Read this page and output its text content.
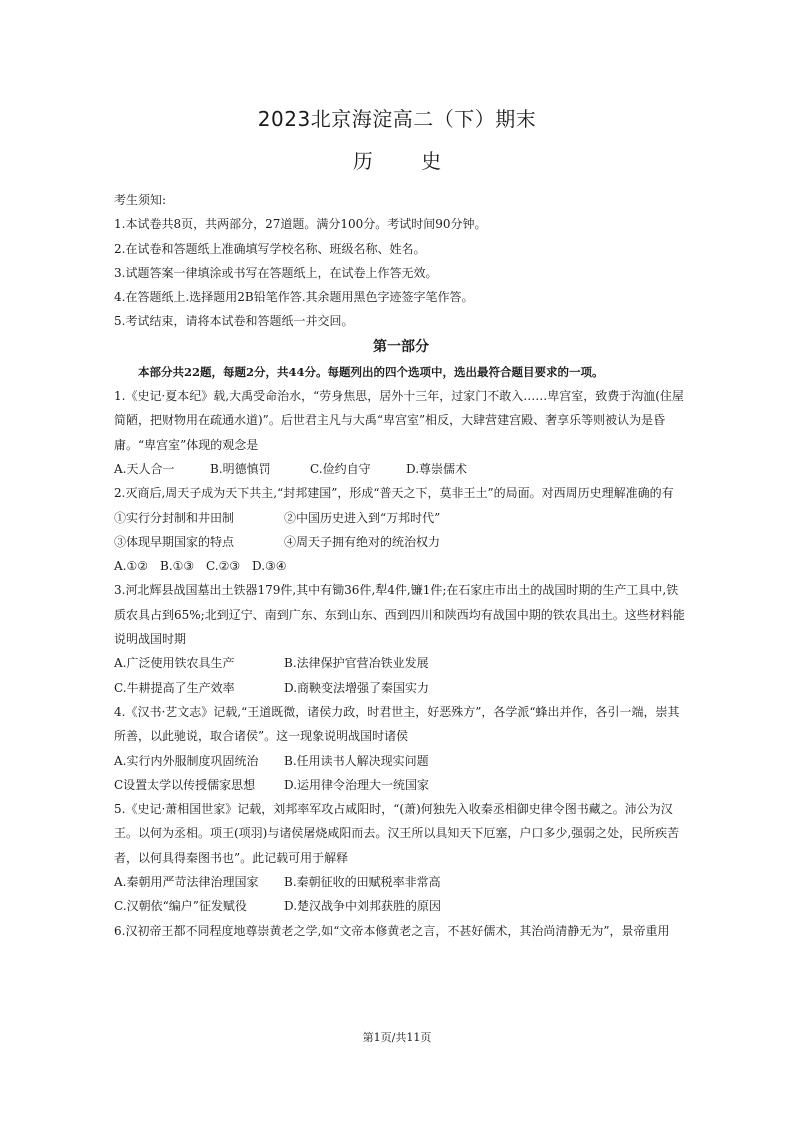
2023北京海淀高二（下）期末
历 史

考生须知:

1.本试卷共8页，共两部分，27道题。满分100分。考试时间90分钟。

2.在试卷和答题纸上准确填写学校名称、班级名称、姓名。

3.试题答案一律填涂或书写在答题纸上，在试卷上作答无效。

4.在答题纸上.选择题用2B铅笔作答.其余题用黑色字迹签字笔作答。

5.考试结束，请将本试卷和答题纸一并交回。

第一部分

本部分共22题，每题2分，共44分。每题列出的四个选项中，选出最符合题目要求的一项。

1.《史记·夏本纪》载,大禹受命治水，“劳身焦思，居外十三年，过家门不敢入……卑宫室，致费于沟洫(住屋简陋，把财物用在疏通水道)”。后世君主凡与大禹“卑宫室”相反，大肆营建宫殿、奢享乐等则被认为是昏庸。“卑宫室”体现的观念是

A.天人合一	B.明德慎罚	C.俭约自守	D.尊崇儒术

2.灭商后,周天子成为天下共主,“封邦建国”，形成“普天之下，莫非王土”的局面。对西周历史理解准确的有

①实行分封制和井田制	②中国历史进入到“万邦时代”

③体现早期国家的特点	④周天子拥有绝对的统治权力

A.①② B.①③ C.②③ D.③④

3.河北辉县战国墓出土铁器179件,其中有锄36件,犁4件,镰1件;在石家庄市出土的战国时期的生产工具中,铁质农具占到65%;北到辽宁、南到广东、东到山东、西到四川和陕西均有战国中期的铁农具出土。这些材料能说明战国时期

A.广泛使用铁农具生产	B.法律保护官营冶铁业发展

C.牛耕提高了生产效率	D.商鞅变法增强了秦国实力

4.《汉书·艺文志》记载,“王道既微，诸侯力政，时君世主，好恶殊方”，各学派“蜂出并作，各引一端，崇其所善，以此驰说，取合诸侯”。这一现象说明战国时诸侯

A.实行内外服制度巩固统治 B.任用读书人解决现实问题

C设置太学以传授儒家思想 D.运用律令治理大一统国家

5.《史记·萧相国世家》记载，刘邦率军攻占咸阳时，“(萧)何独先入收秦丞相御史律令图书藏之。沛公为汉王。以何为丞相。项王(项羽)与诸侯屠烧咸阳而去。汉王所以具知天下厄塞，户口多少,强弱之处，民所疾苦者，以何具得秦图书也”。此记载可用于解释

A.秦朝用严苛法律治理国家 B.秦朝征收的田赋税率非常高

C.汉朝依“编户”征发赋役	D.楚汉战争中刘邦获胜的原因

6.汉初帝王都不同程度地尊崇黄老之学,如“文帝本修黄老之言，不甚好儒术，其治尚清静无为”，景帝重用

第1页/共11页
